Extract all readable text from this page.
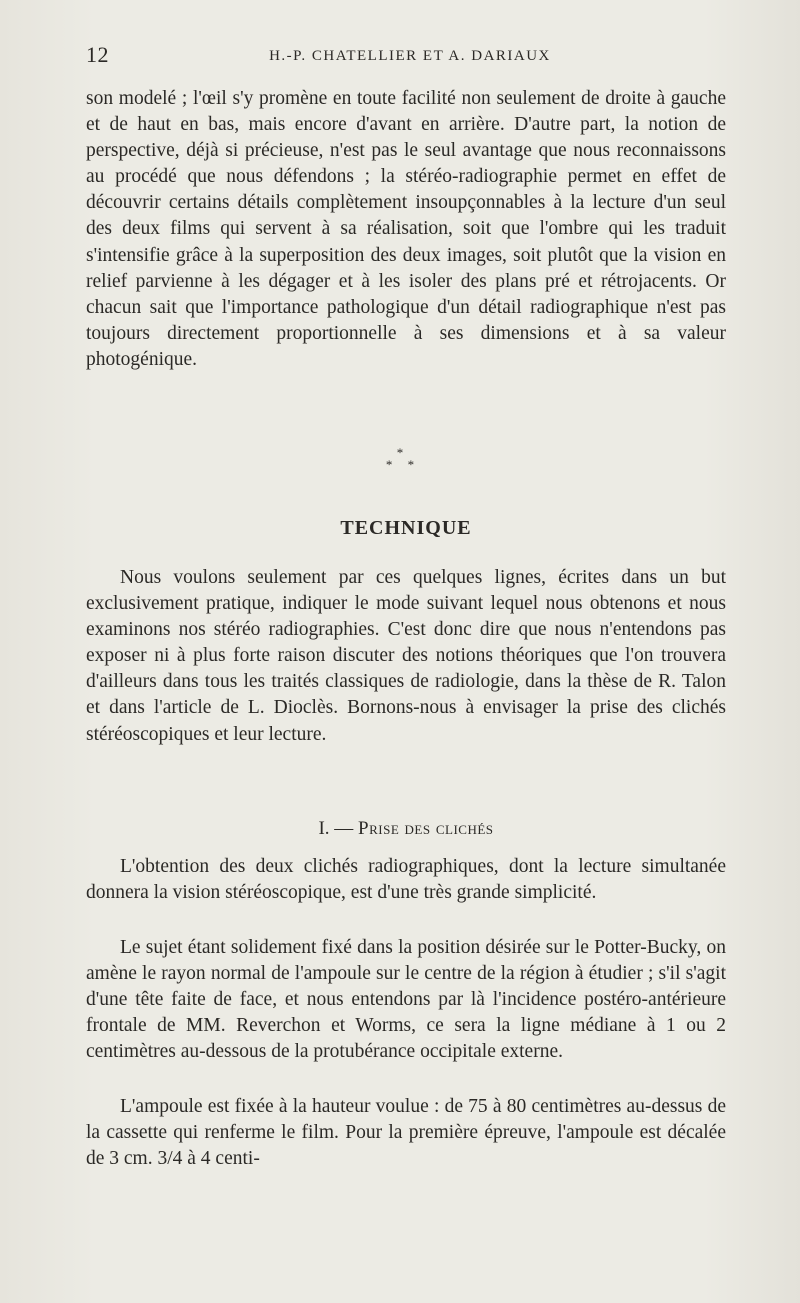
12	H.-P. CHATELLIER ET A. DARIAUX

son modelé ; l'œil s'y promène en toute facilité non seulement de droite à gauche et de haut en bas, mais encore d'avant en arrière. D'autre part, la notion de perspective, déjà si précieuse, n'est pas le seul avantage que nous reconnaissons au procédé que nous défendons ; la stéréo-radiographie permet en effet de découvrir certains détails complètement insoupçonnables à la lecture d'un seul des deux films qui servent à sa réalisation, soit que l'ombre qui les traduit s'intensifie grâce à la superposition des deux images, soit plutôt que la vision en relief parvienne à les dégager et à les isoler des plans pré et rétrojacents. Or chacun sait que l'importance pathologique d'un détail radiographique n'est pas toujours directement proportionnelle à ses dimensions et à sa valeur photogénique.

*
* *
TECHNIQUE

Nous voulons seulement par ces quelques lignes, écrites dans un but exclusivement pratique, indiquer le mode suivant lequel nous obtenons et nous examinons nos stéréo radiographies. C'est donc dire que nous n'entendons pas exposer ni à plus forte raison discuter des notions théoriques que l'on trouvera d'ailleurs dans tous les traités classiques de radiologie, dans la thèse de R. Talon et dans l'article de L. Dioclès. Bornons-nous à envisager la prise des clichés stéréoscopiques et leur lecture.

I. — Prise des clichés

L'obtention des deux clichés radiographiques, dont la lecture simultanée donnera la vision stéréoscopique, est d'une très grande simplicité.

Le sujet étant solidement fixé dans la position désirée sur le Potter-Bucky, on amène le rayon normal de l'ampoule sur le centre de la région à étudier ; s'il s'agit d'une tête faite de face, et nous entendons par là l'incidence postéro-antérieure frontale de MM. Reverchon et Worms, ce sera la ligne médiane à 1 ou 2 centimètres au-dessous de la protubérance occipitale externe.

L'ampoule est fixée à la hauteur voulue : de 75 à 80 centimètres au-dessus de la cassette qui renferme le film. Pour la première épreuve, l'ampoule est décalée de 3 cm. 3/4 à 4 centi-
